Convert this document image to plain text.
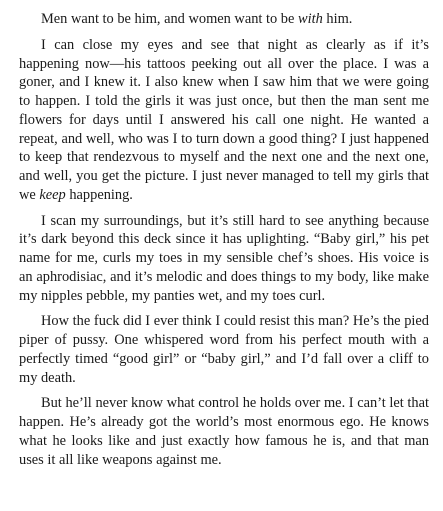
Men want to be him, and women want to be with him.

I can close my eyes and see that night as clearly as if it’s happening now—his tattoos peeking out all over the place. I was a goner, and I knew it. I also knew when I saw him that we were going to happen. I told the girls it was just once, but then the man sent me flowers for days until I answered his call one night. He wanted a repeat, and well, who was I to turn down a good thing? I just happened to keep that rendezvous to myself and the next one and the next one, and well, you get the picture. I just never managed to tell my girls that we keep happening.

I scan my surroundings, but it’s still hard to see anything because it’s dark beyond this deck since it has uplighting. “Baby girl,” his pet name for me, curls my toes in my sensible chef’s shoes. His voice is an aphrodisiac, and it’s melodic and does things to my body, like make my nipples pebble, my panties wet, and my toes curl.

How the fuck did I ever think I could resist this man? He’s the pied piper of pussy. One whispered word from his perfect mouth with a perfectly timed “good girl” or “baby girl,” and I’d fall over a cliff to my death.

But he’ll never know what control he holds over me. I can’t let that happen. He’s already got the world’s most enormous ego. He knows what he looks like and just exactly how famous he is, and that man uses it all like weapons against me.
